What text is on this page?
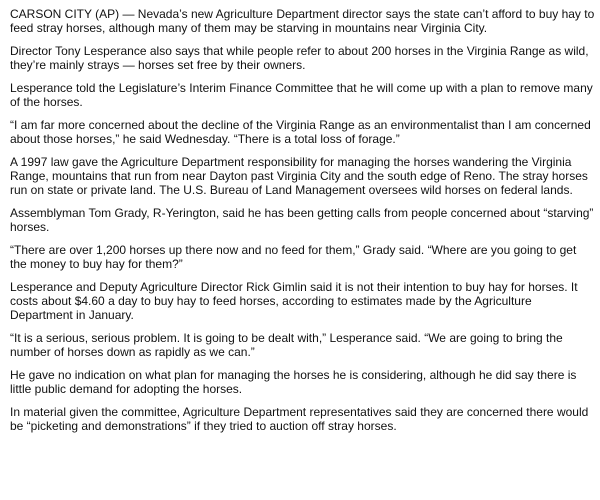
CARSON CITY (AP) — Nevada’s new Agriculture Department director says the state can’t afford to buy hay to feed stray horses, although many of them may be starving in mountains near Virginia City.

Director Tony Lesperance also says that while people refer to about 200 horses in the Virginia Range as wild, they’re mainly strays — horses set free by their owners.

Lesperance told the Legislature’s Interim Finance Committee that he will come up with a plan to remove many of the horses.

“I am far more concerned about the decline of the Virginia Range as an environmentalist than I am concerned about those horses,” he said Wednesday. “There is a total loss of forage.”

A 1997 law gave the Agriculture Department responsibility for managing the horses wandering the Virginia Range, mountains that run from near Dayton past Virginia City and the south edge of Reno. The stray horses run on state or private land. The U.S. Bureau of Land Management oversees wild horses on federal lands.

Assemblyman Tom Grady, R-Yerington, said he has been getting calls from people concerned about “starving” horses.

“There are over 1,200 horses up there now and no feed for them,” Grady said. “Where are you going to get the money to buy hay for them?”

Lesperance and Deputy Agriculture Director Rick Gimlin said it is not their intention to buy hay for horses. It costs about $4.60 a day to buy hay to feed horses, according to estimates made by the Agriculture Department in January.

“It is a serious, serious problem. It is going to be dealt with,” Lesperance said. “We are going to bring the number of horses down as rapidly as we can.”

He gave no indication on what plan for managing the horses he is considering, although he did say there is little public demand for adopting the horses.

In material given the committee, Agriculture Department representatives said they are concerned there would be “picketing and demonstrations” if they tried to auction off stray horses.
